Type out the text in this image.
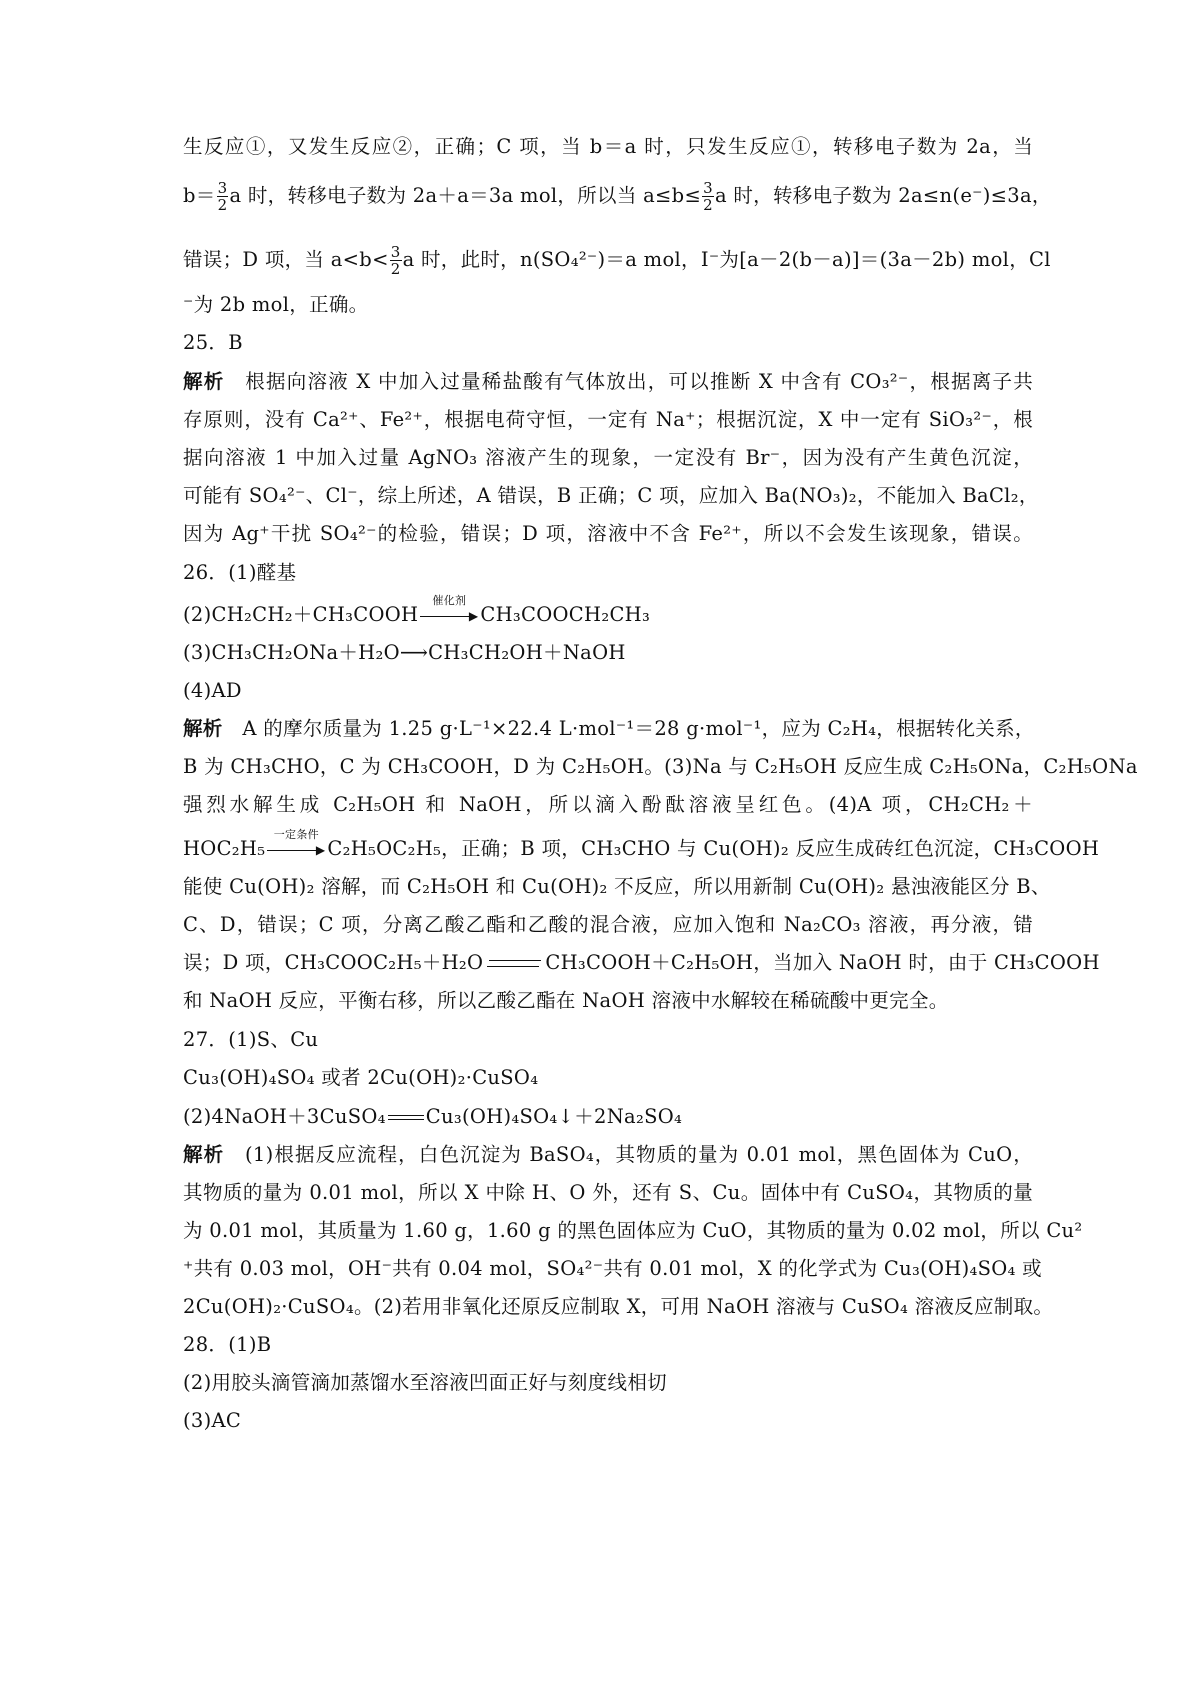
生反应①，又发生反应②，正确；C 项，当 b＝a 时，只发生反应①，转移电子数为 2a，当
$b= \frac{3}{2}$ a 时，转移电子数为 2a＋a＝3a mol，所以当 $a\le b\le \frac{3}{2}$ a 时，转移电子数为 2a≤n(e⁻)≤3a，
错误；D 项，当 $a<b< \frac{3}{2}$ a 时，此时，n(SO₄²⁻)＝a mol，I⁻为[a－2(b－a)]＝(3a－2b) mol，Cl
⁻为 2b mol，正确。
25．B
解析　 根据向溶液 X 中加入过量稀盐酸有气体放出，可以推断 X 中含有 CO₃²⁻，根据离子共
存原则，没有 Ca²⁺、Fe²⁺，根据电荷守恒，一定有 Na⁺；根据沉淀，X 中一定有 SiO₃²⁻，根
据向溶液 1 中加入过量 AgNO₃ 溶液产生的现象，一定没有 Br⁻，因为没有产生黄色沉淀，
可能有 SO₄²⁻、Cl⁻，综上所述，A 错误，B 正确；C 项，应加入 Ba(NO₃)₂，不能加入 BaCl₂，
因为 Ag⁺干扰 SO₄²⁻的检验，错误；D 项，溶液中不含 Fe²⁺，所以不会发生该现象，错误。
26．(1)醛基
(2)CH₂CH₂＋CH₃COOH
催化剂
▶ CH₃COOCH₂CH₃
(3)CH₃CH₂ONa＋H₂O⟶CH₃CH₂OH＋NaOH
(4)AD
解析　 A 的摩尔质量为 1.25 g·L⁻¹×22.4 L·mol⁻¹＝28 g·mol⁻¹，应为 C₂H₄，根据转化关系，
B 为 CH₃CHO，C 为 CH₃COOH，D 为 C₂H₅OH。(3)Na 与 C₂H₅OH 反应生成 C₂H₅ONa，C₂H₅ONa
强烈水解生成 C₂H₅OH 和 NaOH，所以滴入酚酞溶液呈红色。(4)A 项，CH₂CH₂＋
HOC₂H₅
一定条件
▶ C₂H₅OC₂H₅，正确；B 项，CH₃CHO 与 Cu(OH)₂ 反应生成砖红色沉淀，CH₃COOH
能使 Cu(OH)₂ 溶解，而 C₂H₅OH 和 Cu(OH)₂ 不反应，所以用新制 Cu(OH)₂ 悬浊液能区分 B、
C、D，错误；C 项，分离乙酸乙酯和乙酸的混合液，应加入饱和 Na₂CO₃ 溶液，再分液，错
误；D 项，CH₃COOC₂H₅＋H₂O	CH₃COOH＋C₂H₅OH，当加入 NaOH 时，由于 CH₃COOH
和 NaOH 反应，平衡右移，所以乙酸乙酯在 NaOH 溶液中水解较在稀硫酸中更完全。
27．(1)S、Cu
Cu₃(OH)₄SO₄ 或者 2Cu(OH)₂·CuSO₄
(2)4NaOH＋3CuSO₄ Cu₃(OH)₄SO₄↓＋2Na₂SO₄
解析　 (1)根据反应流程，白色沉淀为 BaSO₄，其物质的量为 0.01 mol，黑色固体为 CuO，
其物质的量为 0.01 mol，所以 X 中除 H、O 外，还有 S、Cu。固体中有 CuSO₄，其物质的量
为 0.01 mol，其质量为 1.60 g，1.60 g 的黑色固体应为 CuO，其物质的量为 0.02 mol，所以 Cu²
⁺共有 0.03 mol，OH⁻共有 0.04 mol，SO₄²⁻共有 0.01 mol，X 的化学式为 Cu₃(OH)₄SO₄ 或
2Cu(OH)₂·CuSO₄。(2)若用非氧化还原反应制取 X，可用 NaOH 溶液与 CuSO₄ 溶液反应制取。
28．(1)B
(2)用胶头滴管滴加蒸馏水至溶液凹面正好与刻度线相切
(3)AC
